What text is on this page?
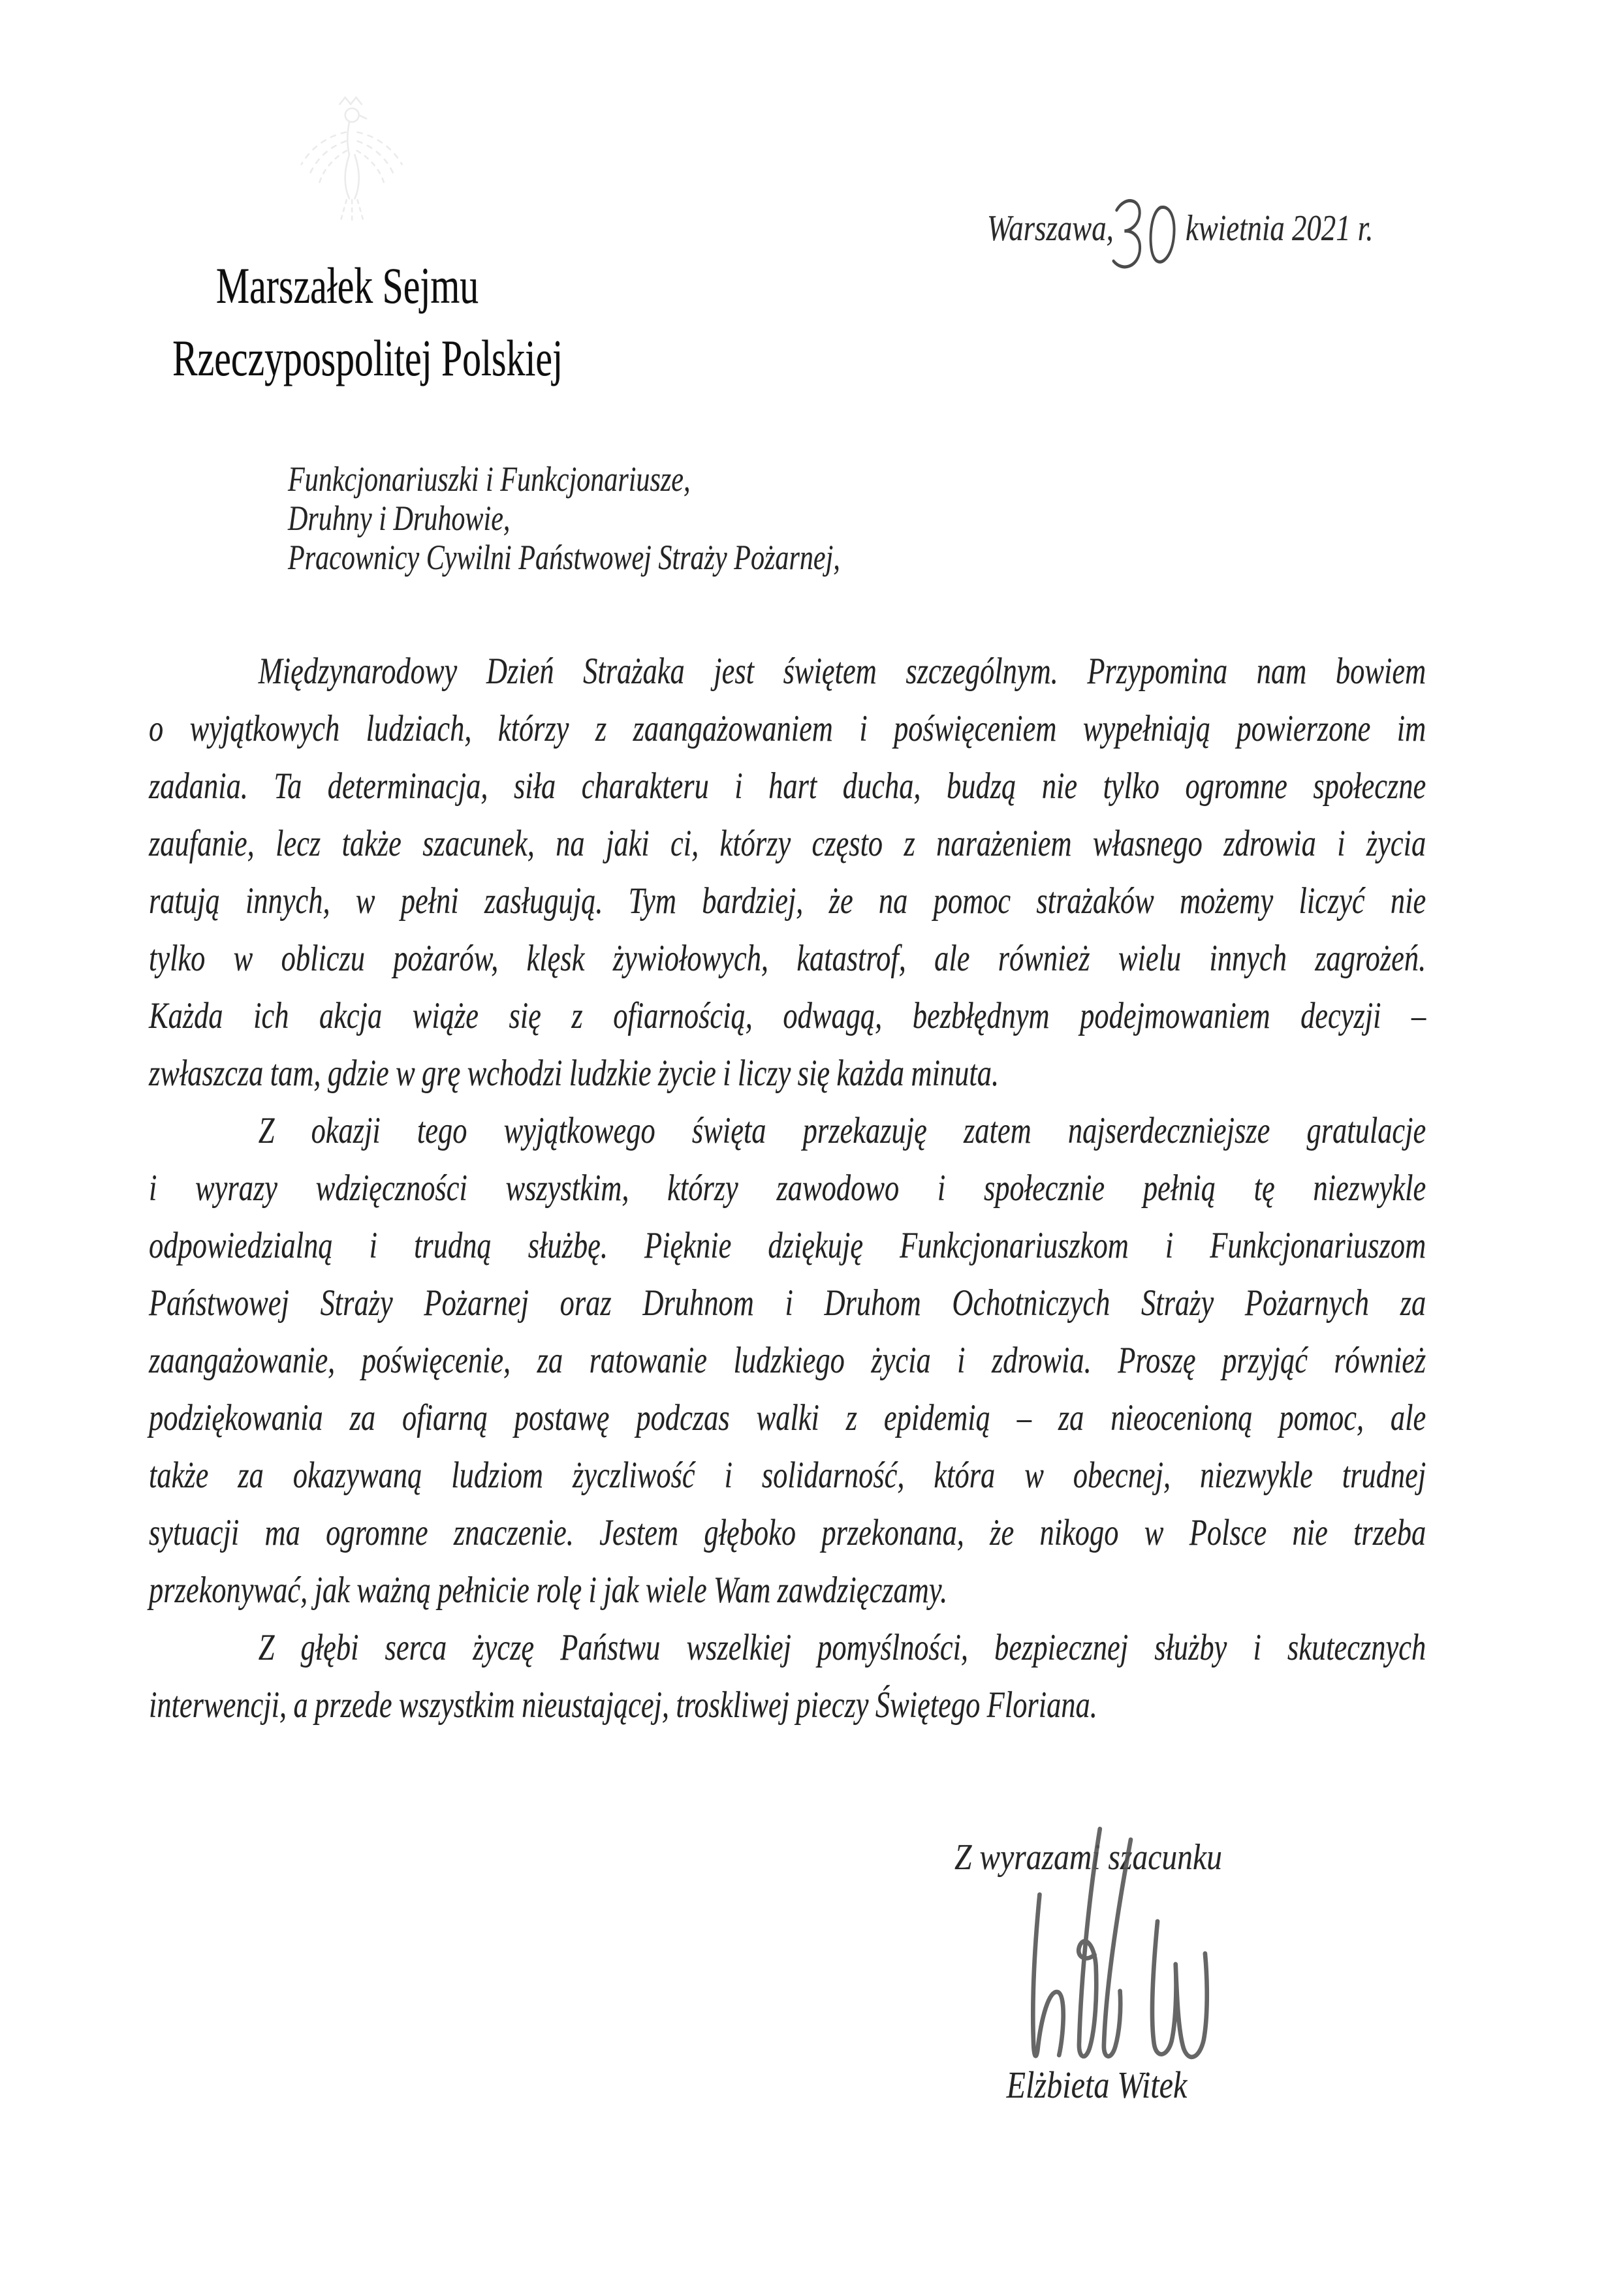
Warszawa, kwietnia 2021 r.
Marszałek Sejmu
Rzeczypospolitej Polskiej
Funkcjonariuszki i Funkcjonariusze,
Druhny i Druhowie,
Pracownicy Cywilni Państwowej Straży Pożarnej,
Międzynarodowy Dzień Strażaka jest świętem szczególnym. Przypomina nam bowiem
o wyjątkowych ludziach, którzy z zaangażowaniem i poświęceniem wypełniają powierzone im
zadania. Ta determinacja, siła charakteru i hart ducha, budzą nie tylko ogromne społeczne
zaufanie, lecz także szacunek, na jaki ci, którzy często z narażeniem własnego zdrowia i życia
ratują innych, w pełni zasługują. Tym bardziej, że na pomoc strażaków możemy liczyć nie
tylko w obliczu pożarów, klęsk żywiołowych, katastrof, ale również wielu innych zagrożeń.
Każda ich akcja wiąże się z ofiarnością, odwagą, bezbłędnym podejmowaniem decyzji –
zwłaszcza tam, gdzie w grę wchodzi ludzkie życie i liczy się każda minuta.
Z okazji tego wyjątkowego święta przekazuję zatem najserdeczniejsze gratulacje
i wyrazy wdzięczności wszystkim, którzy zawodowo i społecznie pełnią tę niezwykle
odpowiedzialną i trudną służbę. Pięknie dziękuję Funkcjonariuszkom i Funkcjonariuszom
Państwowej Straży Pożarnej oraz Druhnom i Druhom Ochotniczych Straży Pożarnych za
zaangażowanie, poświęcenie, za ratowanie ludzkiego życia i zdrowia. Proszę przyjąć również
podziękowania za ofiarną postawę podczas walki z epidemią – za nieocenioną pomoc, ale
także za okazywaną ludziom życzliwość i solidarność, która w obecnej, niezwykle trudnej
sytuacji ma ogromne znaczenie. Jestem głęboko przekonana, że nikogo w Polsce nie trzeba
przekonywać, jak ważną pełnicie rolę i jak wiele Wam zawdzięczamy.
Z głębi serca życzę Państwu wszelkiej pomyślności, bezpiecznej służby i skutecznych
interwencji, a przede wszystkim nieustającej, troskliwej pieczy Świętego Floriana.
Z wyrazami szacunku
Elżbieta Witek
